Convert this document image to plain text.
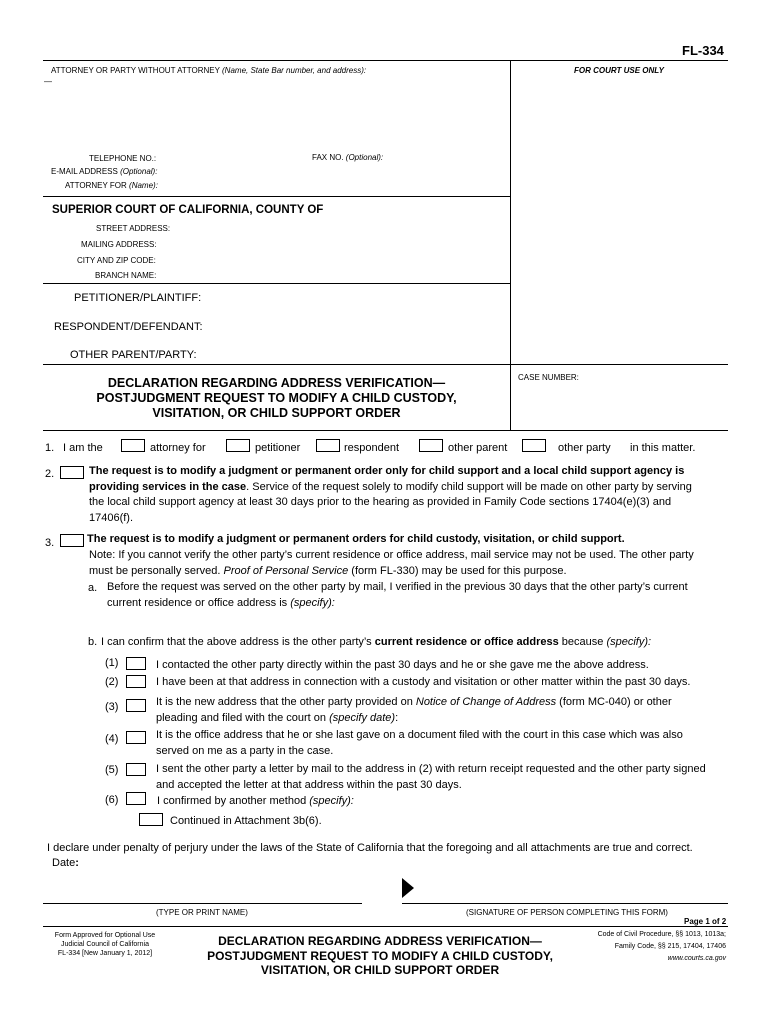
FL-334
ATTORNEY OR PARTY WITHOUT ATTORNEY (Name, State Bar number, and address):	FOR COURT USE ONLY
—
TELEPHONE NO.:	FAX NO. (Optional):
E-MAIL ADDRESS (Optional):
ATTORNEY FOR (Name):
SUPERIOR COURT OF CALIFORNIA, COUNTY OF
STREET ADDRESS:
MAILING ADDRESS:
CITY AND ZIP CODE:
BRANCH NAME:
PETITIONER/PLAINTIFF:
RESPONDENT/DEFENDANT:
OTHER PARENT/PARTY:
DECLARATION REGARDING ADDRESS VERIFICATION—
POSTJUDGMENT REQUEST TO MODIFY A CHILD CUSTODY,
VISITATION, OR CHILD SUPPORT ORDER
CASE NUMBER:
1. I am the	attorney for	petitioner	respondent	other parent	other party in this matter.
2.	The request is to modify a judgment or permanent order only for child support and a local child support agency is
providing services in the case. Service of the request solely to modify child support will be made on other party by serving
the local child support agency at least 30 days prior to the hearing as provided in Family Code sections 17404(e)(3) and
17406(f).
3.	The request is to modify a judgment or permanent orders for child custody, visitation, or child support.
Note: If you cannot verify the other party’s current residence or office address, mail service may not be used. The other party
must be personally served. Proof of Personal Service (form FL-330) may be used for this purpose.
a. Before the request was served on the other party by mail, I verified in the previous 30 days that the other party’s current
current residence or office address is (specify):
b. I can confirm that the above address is the other party’s current residence or office address because (specify):
(1)	I contacted the other party directly within the past 30 days and he or she gave me the above address.
(2)	I have been at that address in connection with a custody and visitation or other matter within the past 30 days.
(3)	It is the new address that the other party provided on Notice of Change of Address (form MC-040) or other
pleading and filed with the court on (specify date):
(4)	It is the office address that he or she last gave on a document filed with the court in this case which was also
served on me as a party in the case.
(5)	I sent the other party a letter by mail to the address in (2) with return receipt requested and the other party signed
and accepted the letter at that address within the past 30 days.
(6)	I confirmed by another method (specify):
Continued in Attachment 3b(6).
I declare under penalty of perjury under the laws of the State of California that the foregoing and all attachments are true and correct.
Date:
(TYPE OR PRINT NAME)	(SIGNATURE OF PERSON COMPLETING THIS FORM)
Page 1 of 2
Form Approved for Optional Use
Judicial Council of California
FL-334 [New January 1, 2012]
DECLARATION REGARDING ADDRESS VERIFICATION—
POSTJUDGMENT REQUEST TO MODIFY A CHILD CUSTODY,
VISITATION, OR CHILD SUPPORT ORDER
Code of Civil Procedure, §§ 1013, 1013a;
Family Code, §§ 215, 17404, 17406
www.courts.ca.gov
